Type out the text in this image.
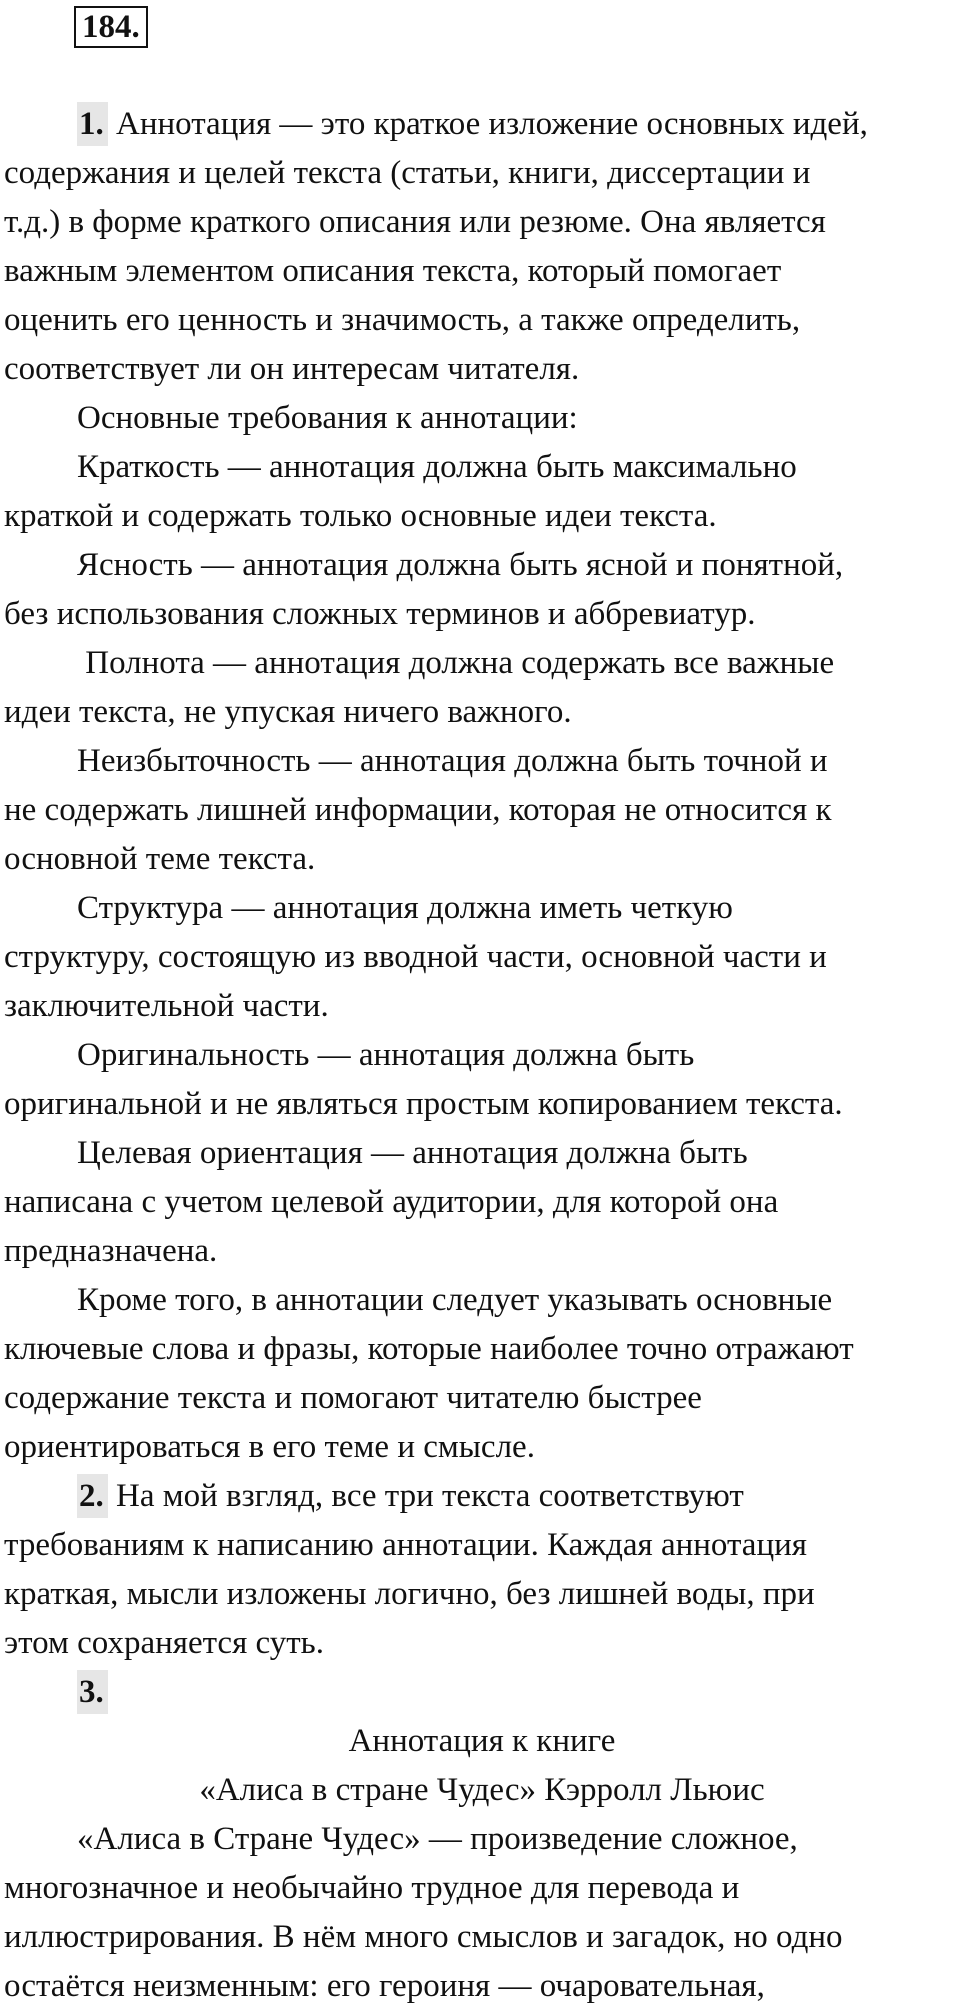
184.

1. Аннотация — это краткое изложение основных идей,

содержания и целей текста (статьи, книги, диссертации и

т.д.) в форме краткого описания или резюме. Она является

важным элементом описания текста, который помогает

оценить его ценность и значимость, а также определить,

соответствует ли он интересам читателя.

Основные требования к аннотации:

Краткость — аннотация должна быть максимально

краткой и содержать только основные идеи текста.

Ясность — аннотация должна быть ясной и понятной,

без использования сложных терминов и аббревиатур.

Полнота — аннотация должна содержать все важные

идеи текста, не упуская ничего важного.

Неизбыточность — аннотация должна быть точной и

не содержать лишней информации, которая не относится к

основной теме текста.

Структура — аннотация должна иметь четкую

структуру, состоящую из вводной части, основной части и

заключительной части.

Оригинальность — аннотация должна быть

оригинальной и не являться простым копированием текста.

Целевая ориентация — аннотация должна быть

написана с учетом целевой аудитории, для которой она

предназначена.

Кроме того, в аннотации следует указывать основные

ключевые слова и фразы, которые наиболее точно отражают

содержание текста и помогают читателю быстрее

ориентироваться в его теме и смысле.

2. На мой взгляд, все три текста соответствуют

требованиям к написанию аннотации. Каждая аннотация

краткая, мысли изложены логично, без лишней воды, при

этом сохраняется суть.

3.

Аннотация к книге

«Алиса в стране Чудес» Кэрролл Льюис

«Алиса в Стране Чудес» — произведение сложное,

многозначное и необычайно трудное для перевода и

иллюстрирования. В нём много смыслов и загадок, но одно

остаётся неизменным: его героиня — очаровательная,
